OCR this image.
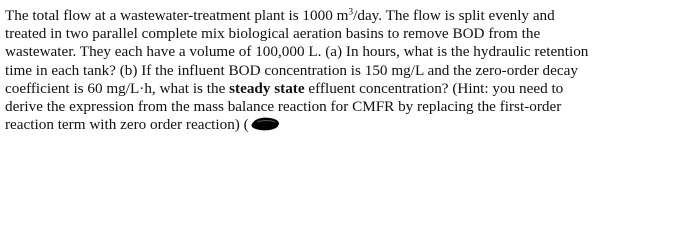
The total flow at a wastewater-treatment plant is 1000 $m^3$/day. The flow is split evenly and
treated in two parallel complete mix biological aeration basins to remove BOD from the
wastewater. They each have a volume of 100,000 L. (a) In hours, what is the hydraulic retention
time in each tank? (b) If the influent BOD concentration is 150 mg/L and the zero-order decay
coefficient is 60 mg/L·h, what is the steady state effluent concentration? (Hint: you need to
derive the expression from the mass balance reaction for CMFR by replacing the first-order
reaction term with zero order reaction) (
